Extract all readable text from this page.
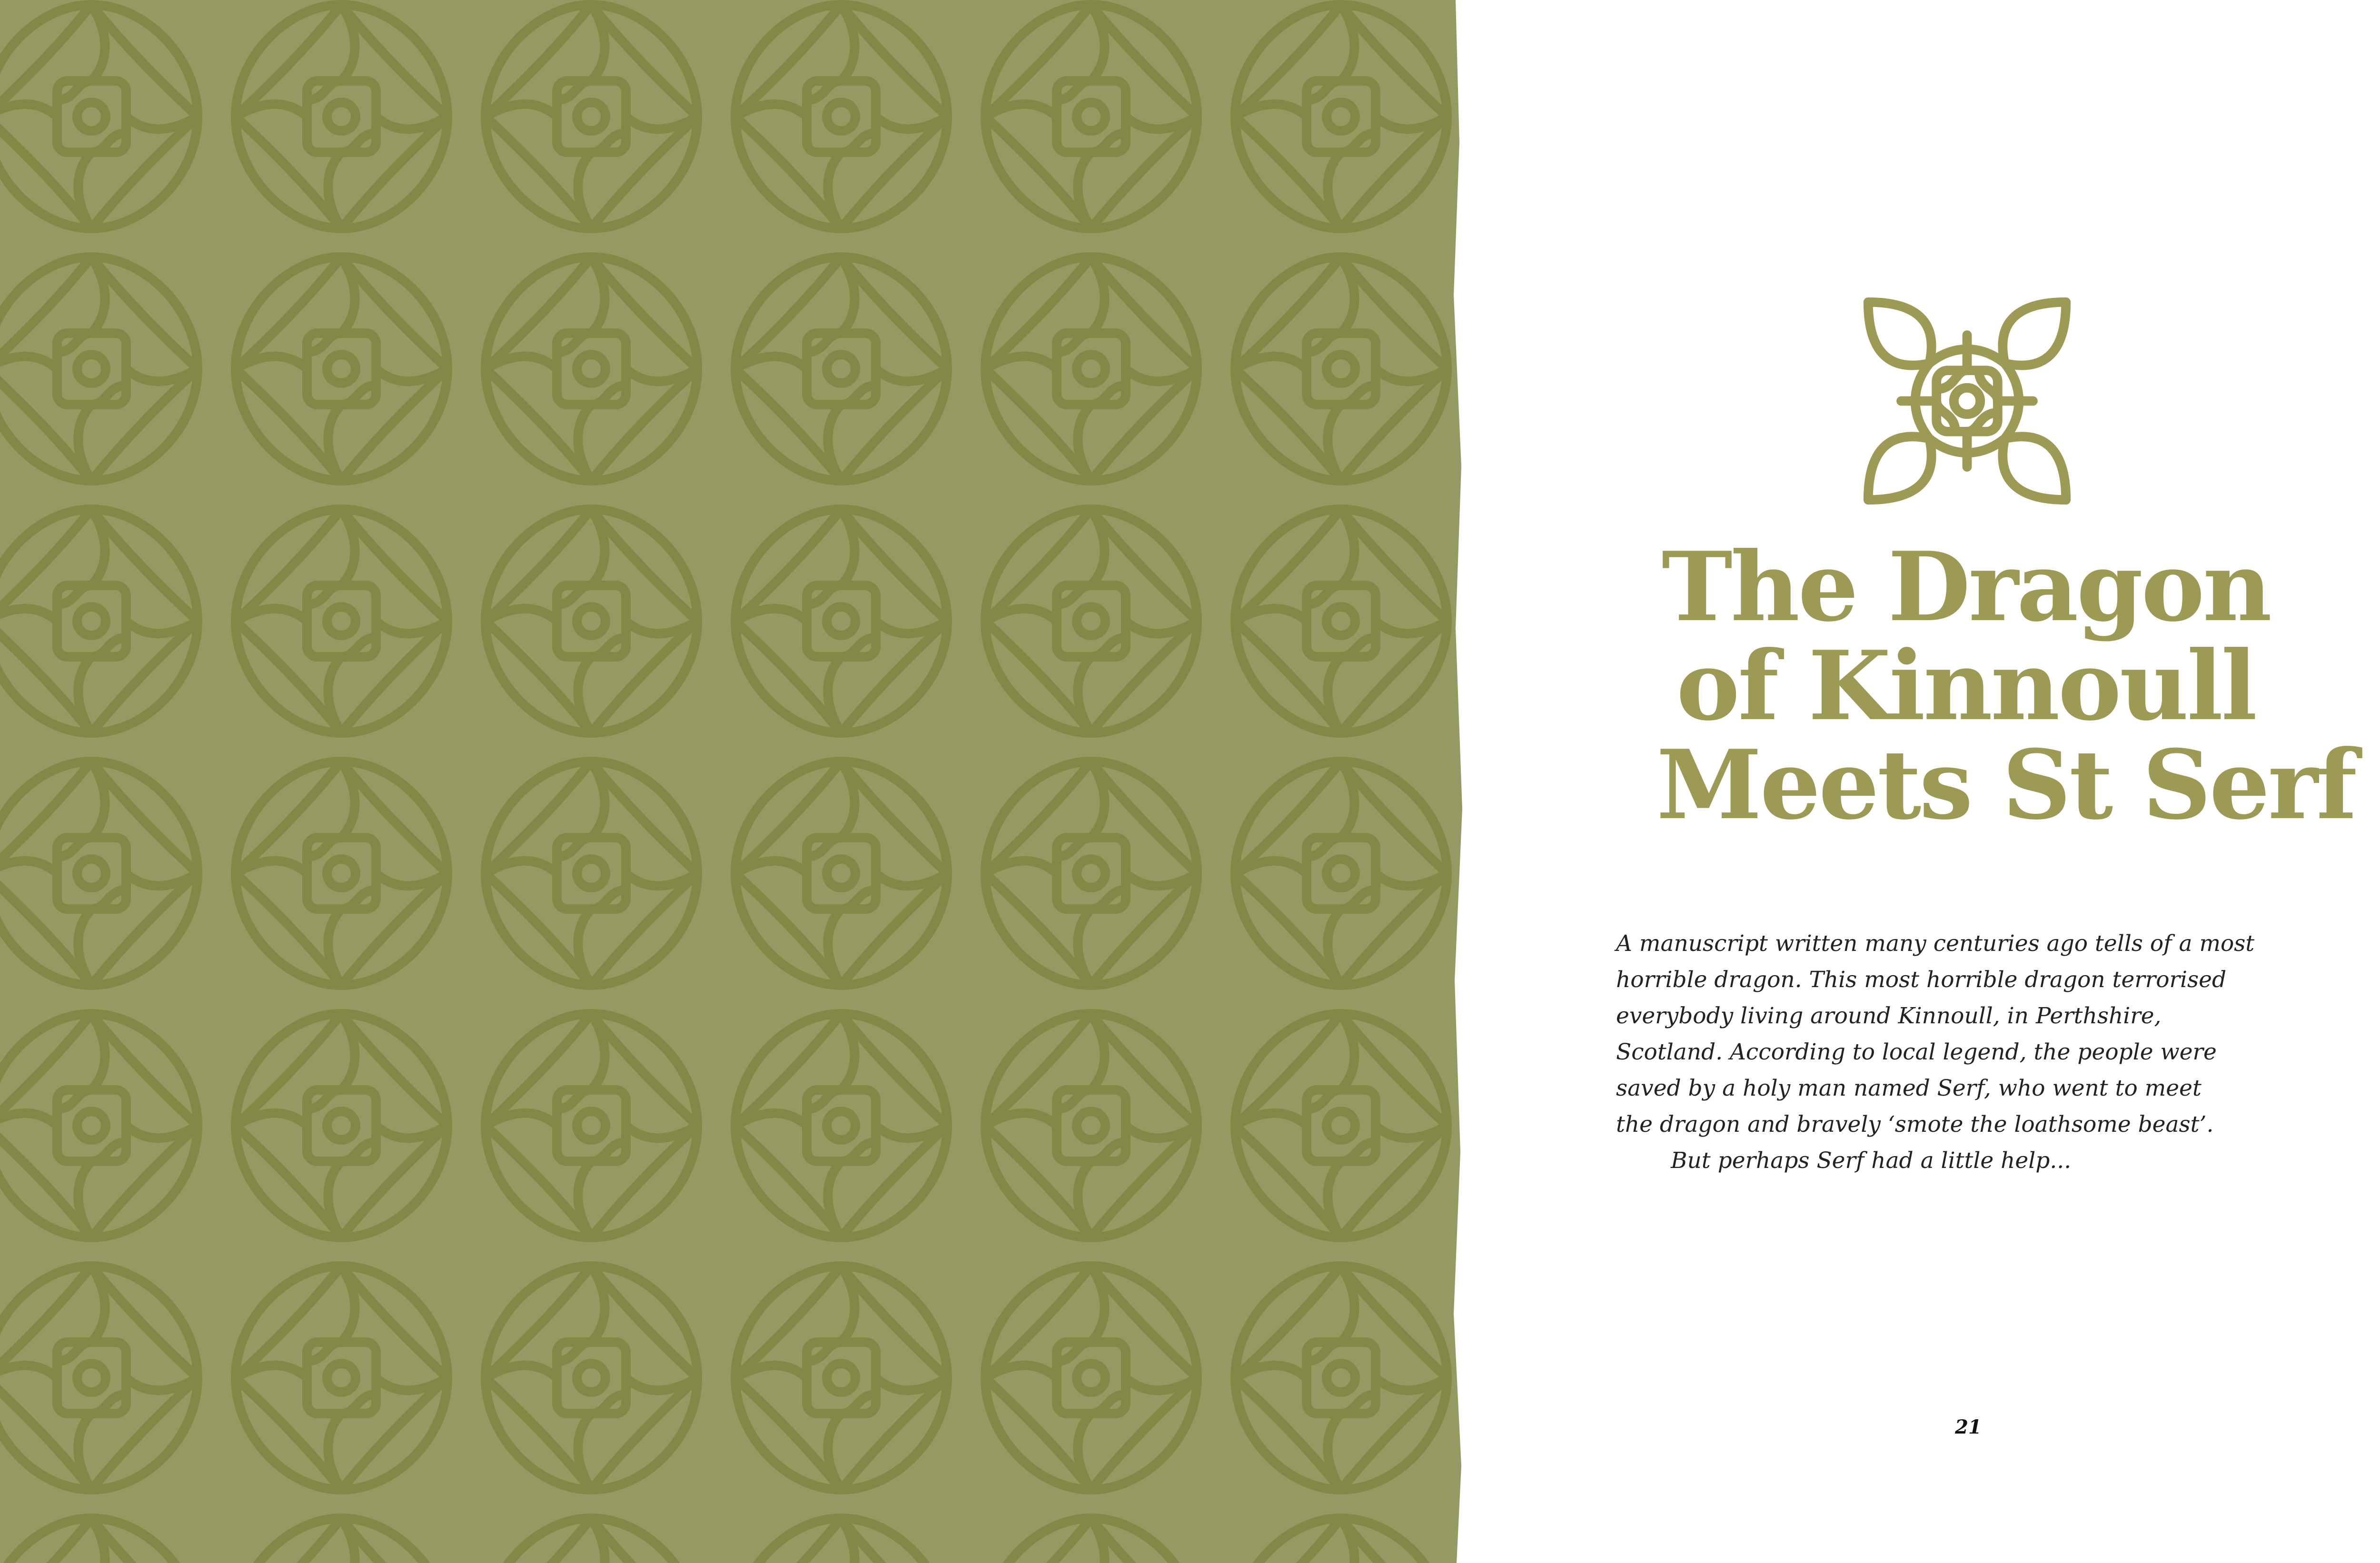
The Dragon
of Kinnoull
Meets St Serf
A manuscript written many centuries ago tells of a most
horrible dragon. This most horrible dragon terrorised
everybody living around Kinnoull, in Perthshire,
Scotland. According to local legend, the people were
saved by a holy man named Serf, who went to meet
the dragon and bravely ‘smote the loathsome beast’.
But perhaps Serf had a little help...
21
